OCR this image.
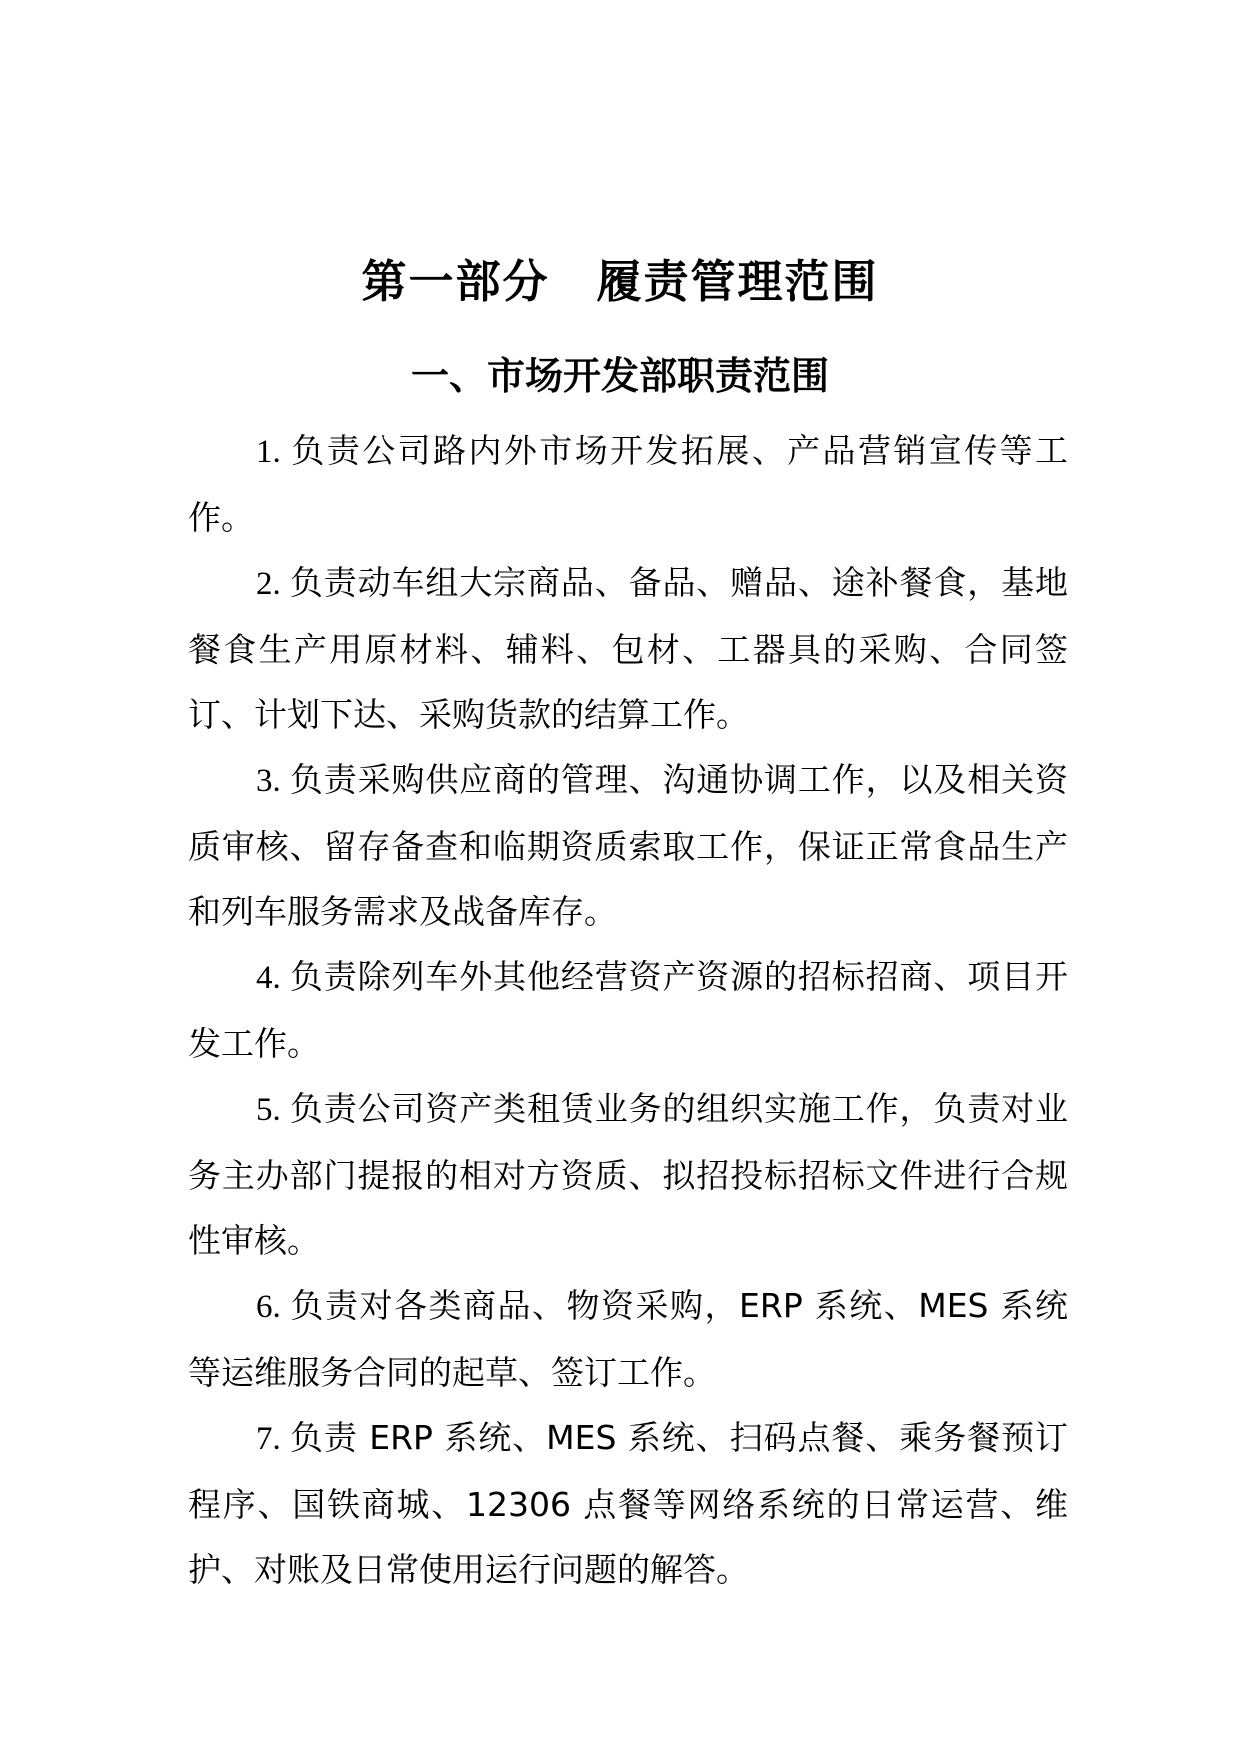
第一部分　履责管理范围
一、市场开发部职责范围

1. 负责公司路内外市场开发拓展、产品营销宣传等工作。

2. 负责动车组大宗商品、备品、赠品、途补餐食，基地餐食生产用原材料、辅料、包材、工器具的采购、合同签订、计划下达、采购货款的结算工作。

3. 负责采购供应商的管理、沟通协调工作，以及相关资质审核、留存备查和临期资质索取工作，保证正常食品生产和列车服务需求及战备库存。

4. 负责除列车外其他经营资产资源的招标招商、项目开发工作。

5. 负责公司资产类租赁业务的组织实施工作，负责对业务主办部门提报的相对方资质、拟招投标招标文件进行合规性审核。

6. 负责对各类商品、物资采购，ERP 系统、MES 系统等运维服务合同的起草、签订工作。

7. 负责 ERP 系统、MES 系统、扫码点餐、乘务餐预订程序、国铁商城、12306 点餐等网络系统的日常运营、维护、对账及日常使用运行问题的解答。
